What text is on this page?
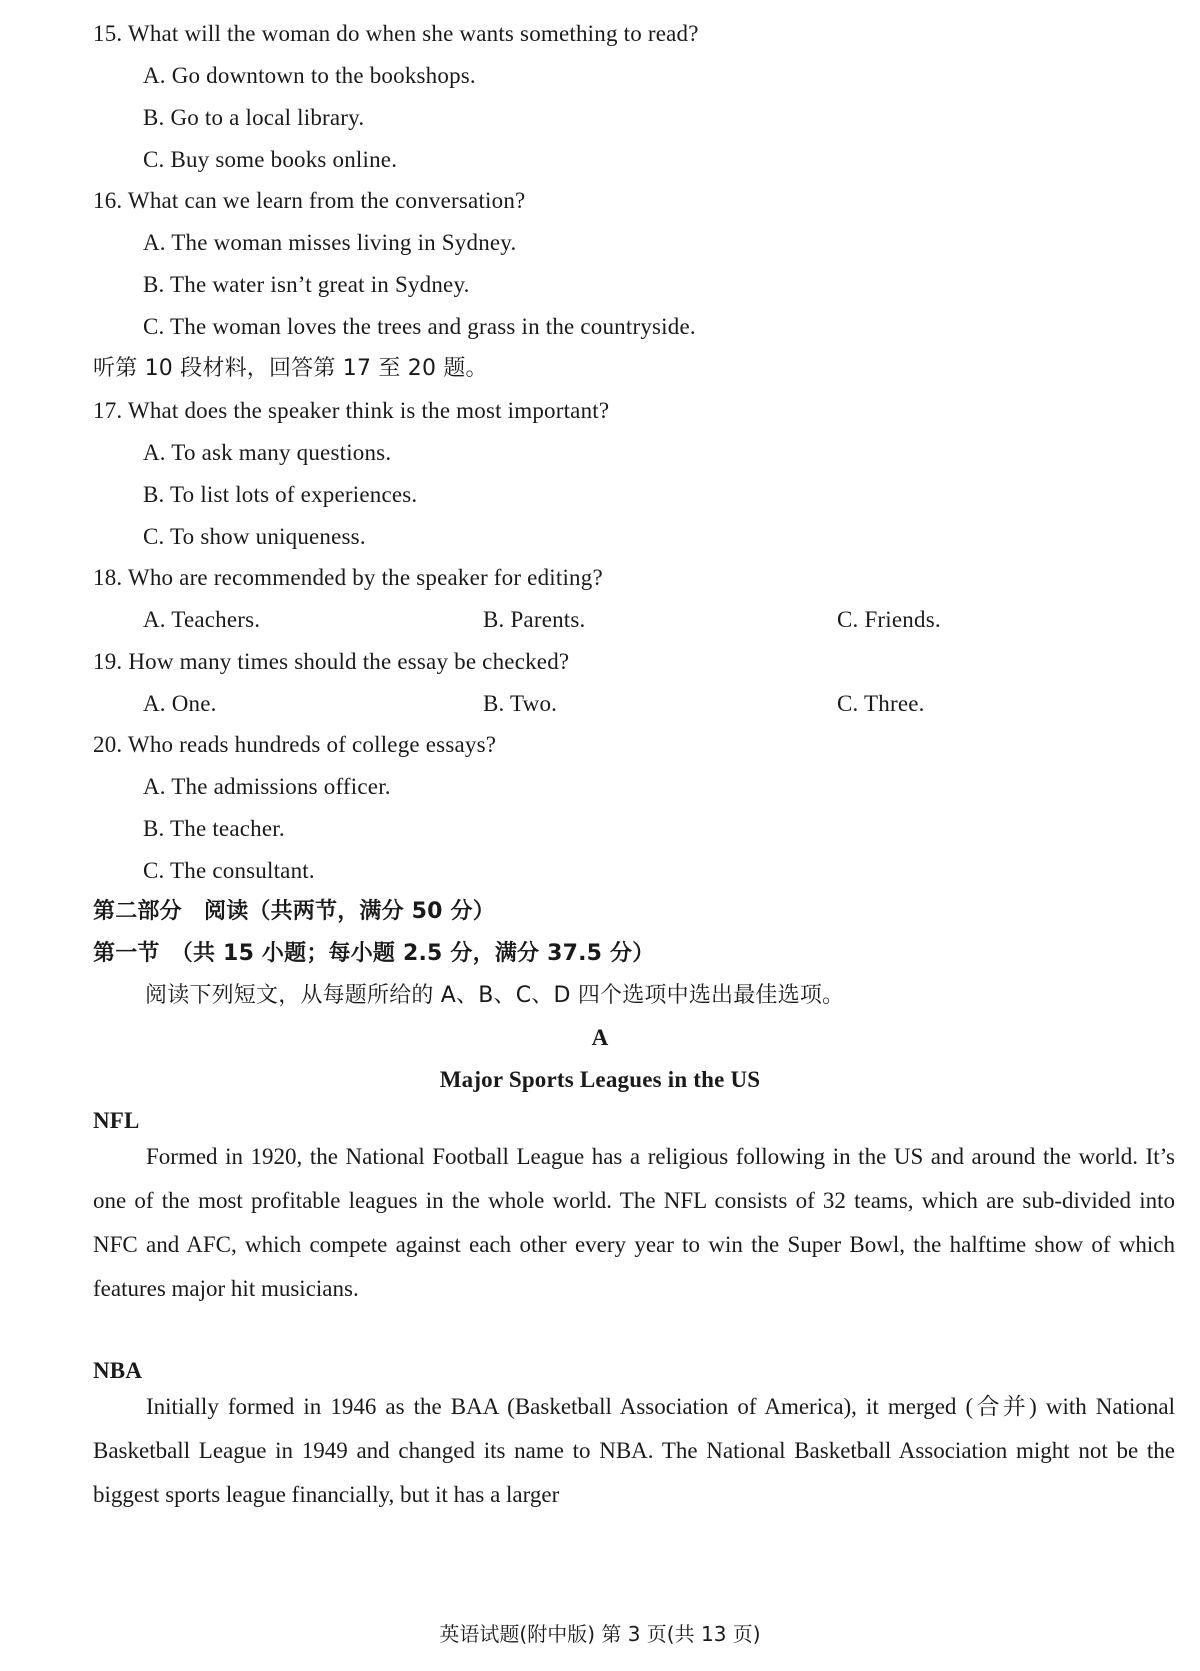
15. What will the woman do when she wants something to read?
A. Go downtown to the bookshops.
B. Go to a local library.
C. Buy some books online.
16. What can we learn from the conversation?
A. The woman misses living in Sydney.
B. The water isn’t great in Sydney.
C. The woman loves the trees and grass in the countryside.
听第 10 段材料，回答第 17 至 20 题。
17. What does the speaker think is the most important?
A. To ask many questions.
B. To list lots of experiences.
C. To show uniqueness.
18. Who are recommended by the speaker for editing?
A. Teachers.	B. Parents.	C. Friends.
19. How many times should the essay be checked?
A. One.	B. Two.	C. Three.
20. Who reads hundreds of college essays?
A. The admissions officer.
B. The teacher.
C. The consultant.
第二部分　阅读（共两节，满分 50 分）
第一节　（共 15 小题；每小题 2.5 分，满分 37.5 分）
阅读下列短文，从每题所给的 A、B、C、D 四个选项中选出最佳选项。
A
Major Sports Leagues in the US
NFL
Formed in 1920, the National Football League has a religious following in the US and around the world. It’s one of the most profitable leagues in the whole world. The NFL consists of 32 teams, which are sub-divided into NFC and AFC, which compete against each other every year to win the Super Bowl, the halftime show of which features major hit musicians.
NBA
Initially formed in 1946 as the BAA (Basketball Association of America), it merged (合并) with National Basketball League in 1949 and changed its name to NBA. The National Basketball Association might not be the biggest sports league financially, but it has a larger
英语试题(附中版) 第 3 页(共 13 页)
